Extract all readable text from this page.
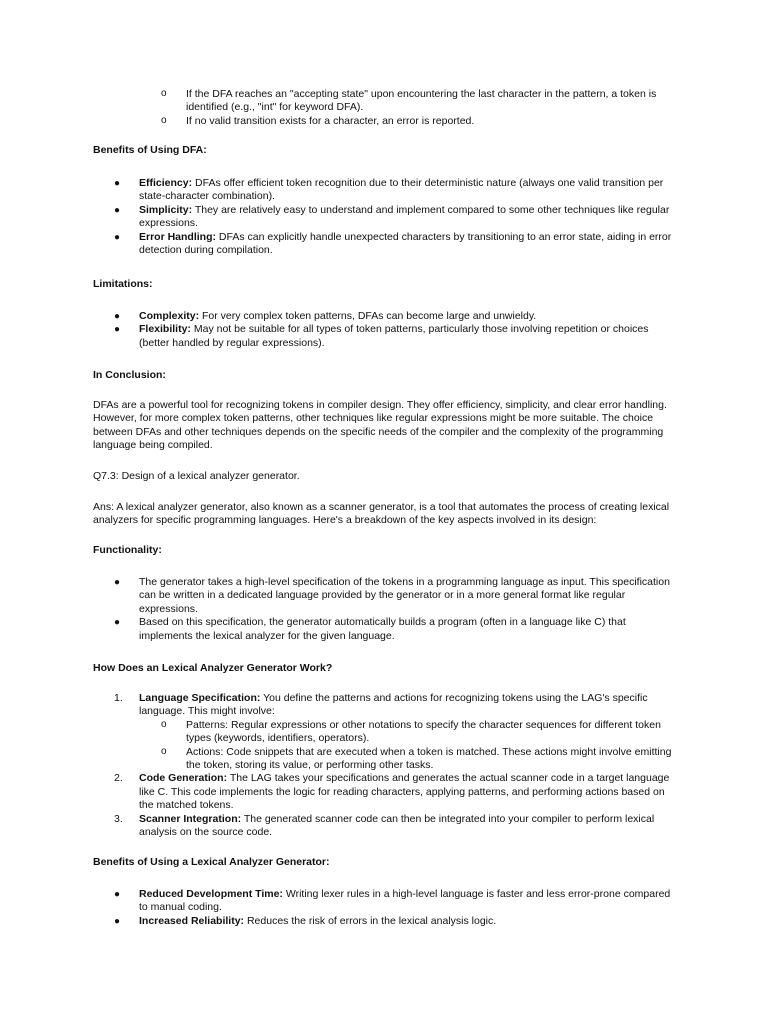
o If the DFA reaches an "accepting state" upon encountering the last character in the pattern, a token is identified (e.g., "int" for keyword DFA).
o If no valid transition exists for a character, an error is reported.
Benefits of Using DFA:
● Efficiency: DFAs offer efficient token recognition due to their deterministic nature (always one valid transition per state-character combination).
● Simplicity: They are relatively easy to understand and implement compared to some other techniques like regular expressions.
● Error Handling: DFAs can explicitly handle unexpected characters by transitioning to an error state, aiding in error detection during compilation.
Limitations:
● Complexity: For very complex token patterns, DFAs can become large and unwieldy.
● Flexibility: May not be suitable for all types of token patterns, particularly those involving repetition or choices (better handled by regular expressions).
In Conclusion:
DFAs are a powerful tool for recognizing tokens in compiler design. They offer efficiency, simplicity, and clear error handling. However, for more complex token patterns, other techniques like regular expressions might be more suitable. The choice between DFAs and other techniques depends on the specific needs of the compiler and the complexity of the programming language being compiled.
Q7.3: Design of a lexical analyzer generator.
Ans: A lexical analyzer generator, also known as a scanner generator, is a tool that automates the process of creating lexical analyzers for specific programming languages. Here's a breakdown of the key aspects involved in its design:
Functionality:
● The generator takes a high-level specification of the tokens in a programming language as input. This specification can be written in a dedicated language provided by the generator or in a more general format like regular expressions.
● Based on this specification, the generator automatically builds a program (often in a language like C) that implements the lexical analyzer for the given language.
How Does an Lexical Analyzer Generator Work?
1. Language Specification: You define the patterns and actions for recognizing tokens using the LAG's specific language. This might involve:
o Patterns: Regular expressions or other notations to specify the character sequences for different token types (keywords, identifiers, operators).
o Actions: Code snippets that are executed when a token is matched. These actions might involve emitting the token, storing its value, or performing other tasks.
2. Code Generation: The LAG takes your specifications and generates the actual scanner code in a target language like C. This code implements the logic for reading characters, applying patterns, and performing actions based on the matched tokens.
3. Scanner Integration: The generated scanner code can then be integrated into your compiler to perform lexical analysis on the source code.
Benefits of Using a Lexical Analyzer Generator:
● Reduced Development Time: Writing lexer rules in a high-level language is faster and less error-prone compared to manual coding.
● Increased Reliability: Reduces the risk of errors in the lexical analysis logic.
